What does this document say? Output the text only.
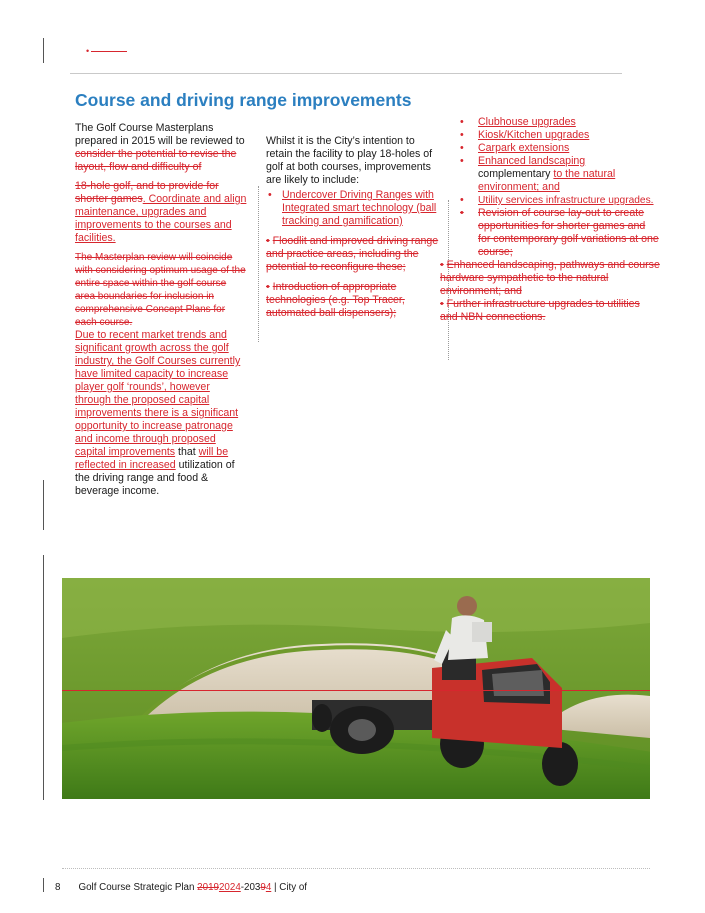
•
Course and driving range improvements

The Golf Course Masterplans prepared in 2015 will be reviewed to consider the potential to revise the layout, flow and difficulty of

18-hole golf, and to provide for shorter games. Coordinate and align maintenance, upgrades and improvements to the courses and facilities.

The Masterplan review will coincide with considering optimum usage of the entire space within the golf course area boundaries for inclusion in comprehensive Concept Plans for each course.

Due to recent market trends and significant growth across the golf industry, the Golf Courses currently have limited capacity to increase player golf ‘rounds’, however through the proposed capital improvements there is a significant opportunity to increase patronage and income through proposed capital improvements that will be reflected in increased utilization of the driving range and food & beverage income.

Whilst it is the City’s intention to retain the facility to play 18-holes of golf at both courses, improvements are likely to include:

• Undercover Driving Ranges with Integrated smart technology (ball tracking and gamification)

• Floodlit and improved driving range and practice areas, including the potential to reconfigure these;

• Introduction of appropriate technologies (e.g. Top Tracer, automated ball dispensers);

• Clubhouse upgrades
• Kiosk/Kitchen upgrades
• Carpark extensions
• Enhanced landscaping complementary to the natural environment; and
• Utility services infrastructure upgrades.
• Revision of course lay-out to create opportunities for shorter games and for contemporary golf variations at one course;

• Enhanced landscaping, pathways and course hardware sympathetic to the natural environment; and

• Further infrastructure upgrades to utilities and NBN connections.

8 Golf Course Strategic Plan 20192024-20394 | City of
